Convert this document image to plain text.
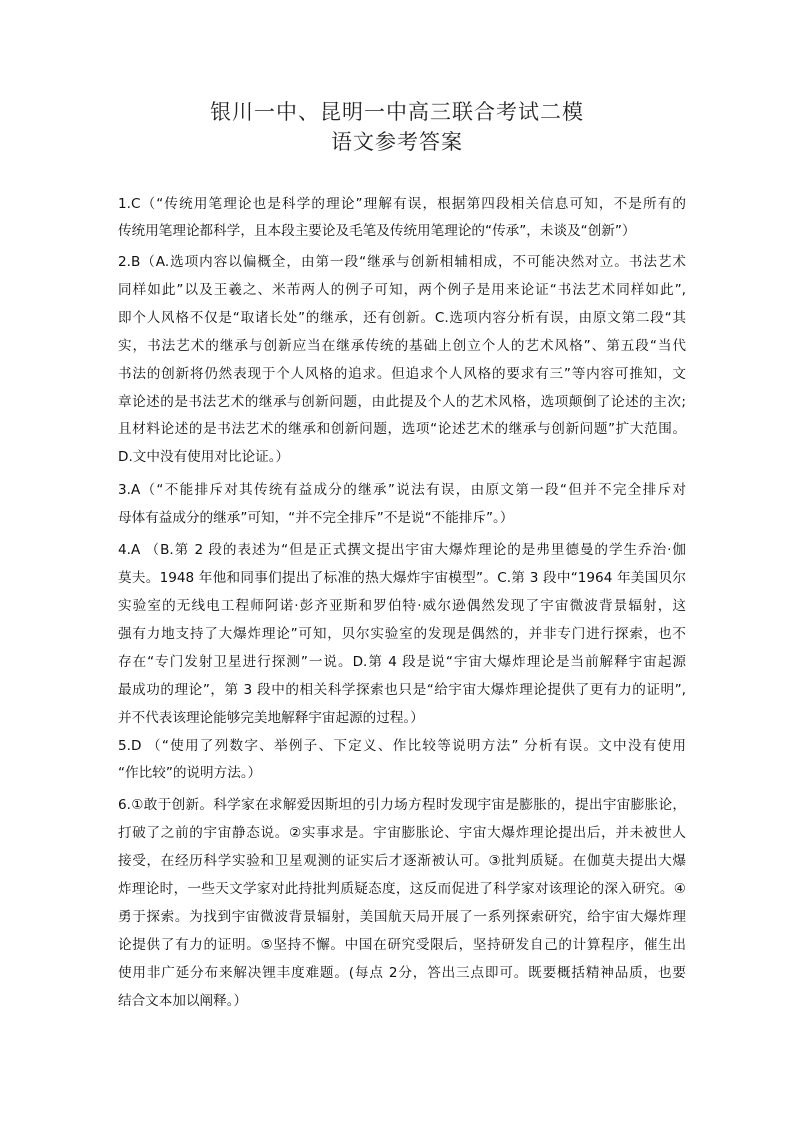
银川一中、昆明一中高三联合考试二模
语文参考答案
1.C（“传统用笔理论也是科学的理论”理解有误，根据第四段相关信息可知，不是所有的
传统用笔理论都科学，且本段主要论及毛笔及传统用笔理论的“传承”，未谈及“创新”）
2.B（A.选项内容以偏概全，由第一段“继承与创新相辅相成，不可能决然对立。书法艺术
同样如此”以及王羲之、米芾两人的例子可知，两个例子是用来论证“书法艺术同样如此”,
即个人风格不仅是“取诸长处”的继承，还有创新。C.选项内容分析有误，由原文第二段“其
实，书法艺术的继承与创新应当在继承传统的基础上创立个人的艺术风格”、第五段“当代
书法的创新将仍然表现于个人风格的追求。但追求个人风格的要求有三”等内容可推知，文
章论述的是书法艺术的继承与创新问题，由此提及个人的艺术风格，选项颠倒了论述的主次;
且材料论述的是书法艺术的继承和创新问题，选项“论述艺术的继承与创新问题”扩大范围。
D.文中没有使用对比论证。）
3.A（“不能排斥对其传统有益成分的继承”说法有误，由原文第一段“但并不完全排斥对
母体有益成分的继承”可知，“并不完全排斥”不是说“不能排斥”。）
4.A （B.第 2 段的表述为“但是正式撰文提出宇宙大爆炸理论的是弗里德曼的学生乔治·伽
莫夫。1948 年他和同事们提出了标准的热大爆炸宇宙模型”。C.第 3 段中“1964 年美国贝尔
实验室的无线电工程师阿诺·彭齐亚斯和罗伯特·威尔逊偶然发现了宇宙微波背景辐射，这
强有力地支持了大爆炸理论”可知，贝尔实验室的发现是偶然的，并非专门进行探索，也不
存在“专门发射卫星进行探测”一说。D.第 4 段是说“宇宙大爆炸理论是当前解释宇宙起源
最成功的理论”，第 3 段中的相关科学探索也只是“给宇宙大爆炸理论提供了更有力的证明”,
并不代表该理论能够完美地解释宇宙起源的过程。）
5.D （“使用了列数字、举例子、下定义、作比较等说明方法” 分析有误。文中没有使用
“作比较”的说明方法。）
6.①敢于创新。科学家在求解爱因斯坦的引力场方程时发现宇宙是膨胀的，提出宇宙膨胀论，
打破了之前的宇宙静态说。②实事求是。宇宙膨胀论、宇宙大爆炸理论提出后，并未被世人
接受，在经历科学实验和卫星观测的证实后才逐渐被认可。③批判质疑。在伽莫夫提出大爆
炸理论时，一些天文学家对此持批判质疑态度，这反而促进了科学家对该理论的深入研究。④
勇于探索。为找到宇宙微波背景辐射，美国航天局开展了一系列探索研究，给宇宙大爆炸理
论提供了有力的证明。⑤坚持不懈。中国在研究受限后，坚持研发自己的计算程序，催生出
使用非广延分布来解决锂丰度难题。(每点 2分，答出三点即可。既要概括精神品质，也要
结合文本加以阐释。）
